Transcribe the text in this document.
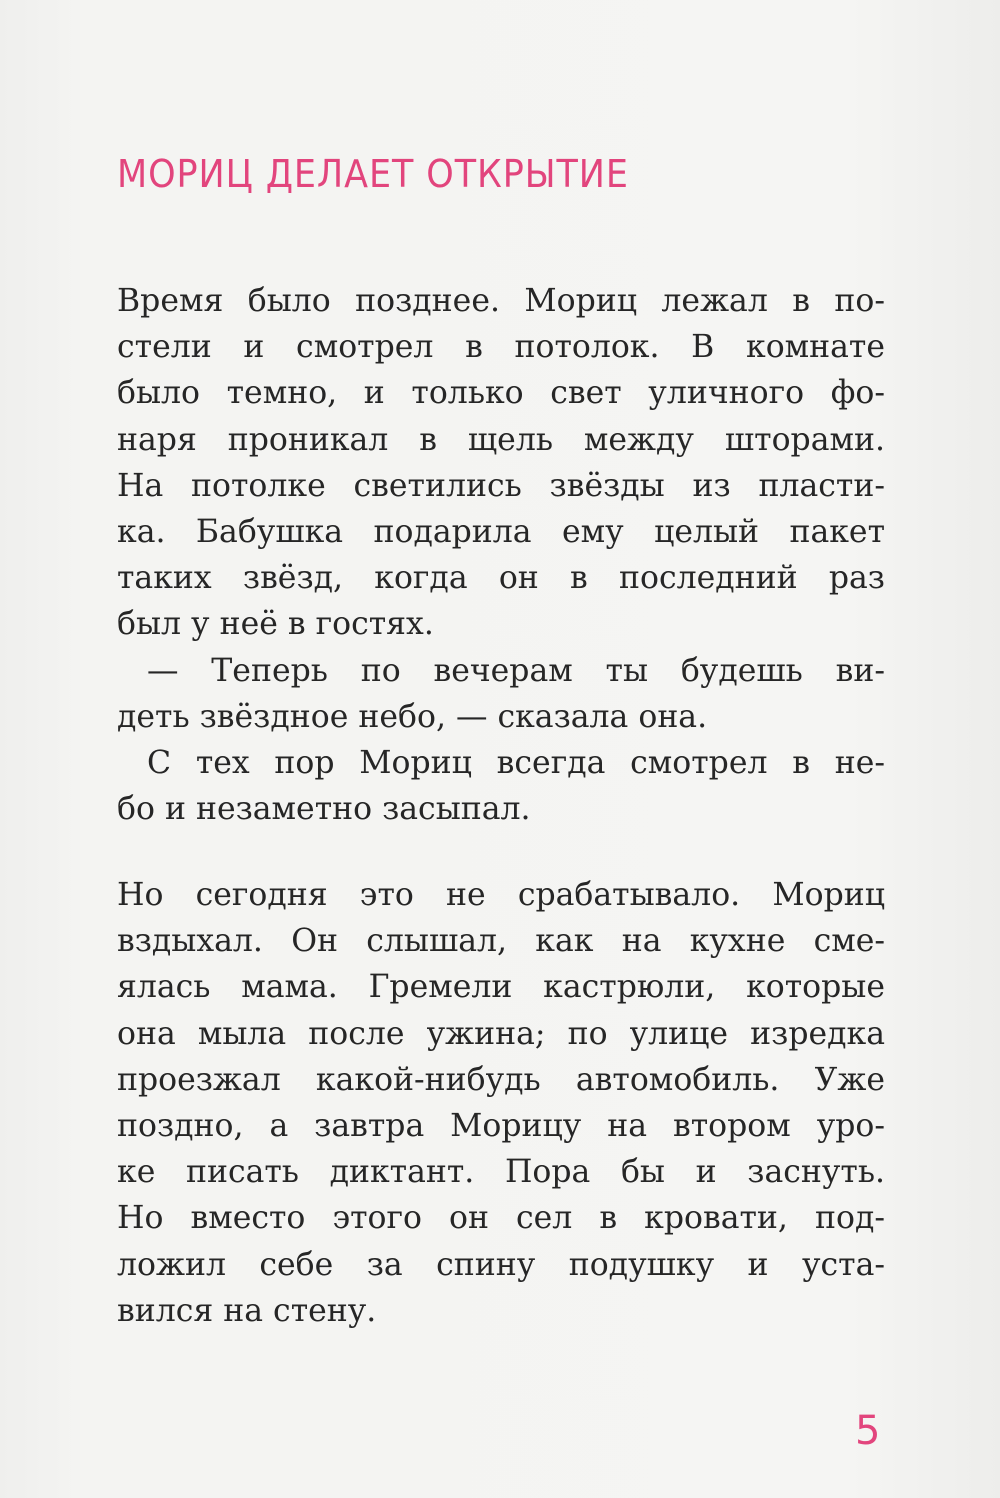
МОРИЦ ДЕЛАЕТ ОТКРЫТИЕ
Время было позднее. Мориц лежал в по-
стели и смотрел в потолок. В комнате
было темно, и только свет уличного фо-
наря проникал в щель между шторами.
На потолке светились звёзды из пласти-
ка. Бабушка подарила ему целый пакет
таких звёзд, когда он в последний раз
был у неё в гостях.
— Теперь по вечерам ты будешь ви-
деть звёздное небо, — сказала она.
С тех пор Мориц всегда смотрел в не-
бо и незаметно засыпал.
Но сегодня это не срабатывало. Мориц
вздыхал. Он слышал, как на кухне сме-
ялась мама. Гремели кастрюли, которые
она мыла после ужина; по улице изредка
проезжал какой-нибудь автомобиль. Уже
поздно, а завтра Морицу на втором уро-
ке писать диктант. Пора бы и заснуть.
Но вместо этого он сел в кровати, под-
ложил себе за спину подушку и уста-
вился на стену.
5
